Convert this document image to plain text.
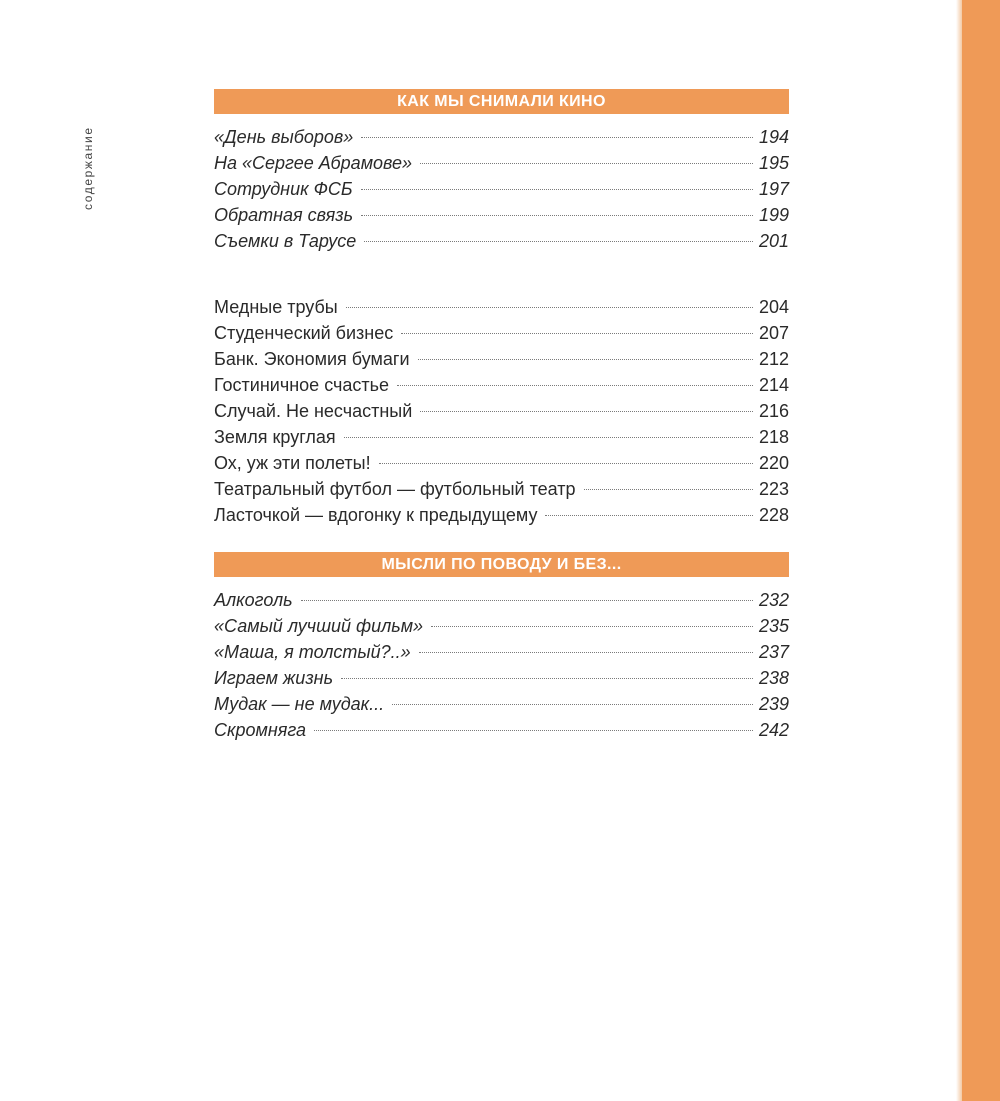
содержание
КАК МЫ СНИМАЛИ КИНО
«День выборов»	194
На «Сергее Абрамове»	195
Сотрудник ФСБ	197
Обратная связь	199
Съемки в Тарусе	201
Медные трубы	204
Студенческий бизнес	207
Банк. Экономия бумаги	212
Гостиничное счастье	214
Случай. Не несчастный	216
Земля круглая	218
Ох, уж эти полеты!	220
Театральный футбол — футбольный театр	223
Ласточкой — вдогонку к предыдущему	228
МЫСЛИ ПО ПОВОДУ И БЕЗ...
Алкоголь	232
«Самый лучший фильм»	235
«Маша, я толстый?..»	237
Играем жизнь	238
Мудак — не мудак...	239
Скромняга	242
